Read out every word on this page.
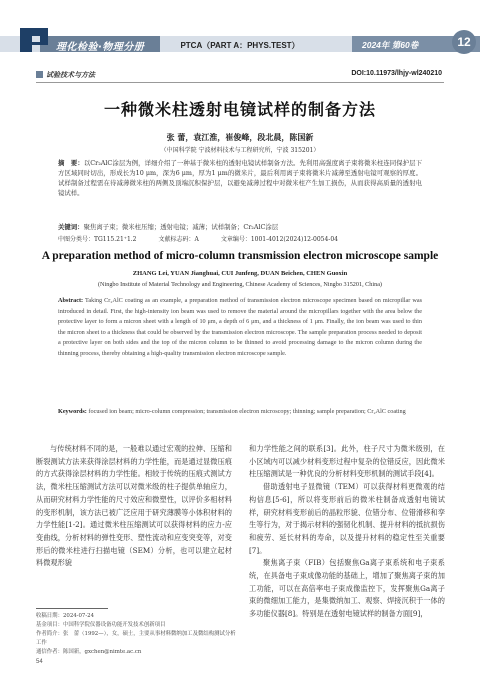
理化检验·物理分册	PTCA（PART A：PHYS.TEST）	2024年 第60卷	12
试验技术与方法	DOI:10.11973/lhjy-wl240210
一种微米柱透射电镜试样的制备方法
张 蕾，袁江淮，崔俊峰，段北晨，陈国新
（中国科学院 宁波材料技术与工程研究所，宁波 315201）
摘　要：以Cr₂AlC涂层为例，详细介绍了一种基于微米柱的透射电镜试样制备方法。先利用高强度离子束将微米柱连同保护层下方区域同时切出，形成长为10 μm，深为6 μm，厚为1 μm的微米片，最后利用离子束将微米片减薄至透射电镜可观察的厚度。试样制备过程需在待减薄微米柱的两侧及顶端沉积保护层，以避免减薄过程中对微米柱产生加工损伤，从而获得高质量的透射电镜试样。
关键词：聚焦离子束；微米柱压缩；透射电镜；减薄；试样制备；Cr₂AlC涂层
中图分类号：TG115.21⁺1.2	文献标志码：A	文章编号：1001-4012(2024)12-0054-04
A preparation method of micro-column transmission electron microscope sample
ZHANG Lei, YUAN Jianghuai, CUI Junfeng, DUAN Beichen, CHEN Guoxin
(Ningbo Institute of Material Technology and Engineering, Chinese Academy of Sciences, Ningbo 315201, China)
Abstract: Taking Cr₂AlC coating as an example, a preparation method of transmission electron microscope specimen based on micropillar was introduced in detail. First, the high-intensity ion beam was used to remove the material around the micropillars together with the area below the protective layer to form a micron sheet with a length of 10 μm, a depth of 6 μm, and a thickness of 1 μm. Finally, the ion beam was used to thin the micron sheet to a thickness that could be observed by the transmission electron microscope. The sample preparation process needed to deposit a protective layer on both sides and the top of the micron column to be thinned to avoid processing damage to the micron column during the thinning process, thereby obtaining a high-quality transmission electron microscope sample.
Keywords: focused ion beam; micro-column compression; transmission electron microscopy; thinning; sample preparation; Cr₂AlC coating

与传统材料不同的是，一般难以通过宏观的拉伸、压缩和断裂测试方法来获得涂层材料的力学性能，而是通过显微压痕的方式获得涂层材料的力学性能。相较于传统的压痕式测试方法，微米柱压缩测试方法可以对微米级的柱子提供单轴应力，从而研究材料力学性能的尺寸效应和微塑性，以评价多相材料的变形机制，该方法已被广泛应用于研究薄膜等小体积材料的力学性能[1-2]。通过微米柱压缩测试可以获得材料的应力-应变曲线，分析材料的弹性变形、塑性流动和应变突变等，对变形后的微米柱进行扫描电镜（SEM）分析，也可以建立起材料微观形貌

和力学性能之间的联系[3]。此外，柱子尺寸为微米级别，在小区域内可以减少材料变形过程中复杂的位错反应，因此微米柱压缩测试是一种优良的分析材料变形机制的测试手段[4]。

借助透射电子显微镜（TEM）可以获得材料更微观的结构信息[5-6]，所以将变形前后的微米柱制备成透射电镜试样，研究材料变形前后的晶粒形貌、位错分布、位错滑移和孪生等行为，对于揭示材料的强韧化机制、提升材料的抵抗损伤和疲劳、延长材料的寿命，以及提升材料的稳定性至关重要[7]。

聚焦离子束（FIB）包括聚焦Ga离子束系统和电子束系统，在具备电子束成像功能的基础上，增加了聚焦离子束的加工功能，可以在高倍率电子束成像监控下，发挥聚焦Ga离子束的微细加工能力，是集微纳加工、观察、焊接沉积于一体的多功能仪器[8]。特别是在透射电镜试样的制备方面[9]，

收稿日期：2024-07-24
基金项目：中国科学院仪器设备功能开发技术创新项目
作者简介：张　蕾（1992—），女，硕士，主要从事材料微纳加工及微结构测试分析工作
通信作者：陈国新，gxchen@nimte.ac.cn
54
